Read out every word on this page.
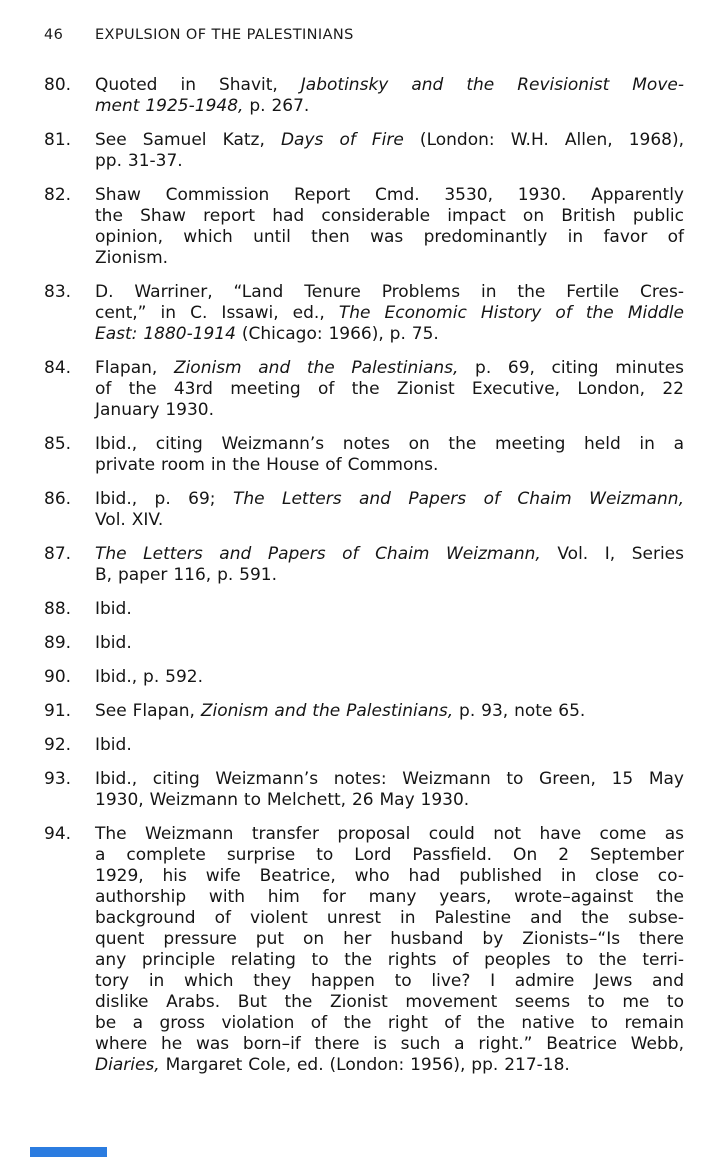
46	EXPULSION OF THE PALESTINIANS
80.	Quoted in Shavit, Jabotinsky and the Revisionist Move-
ment 1925-1948, p. 267.
81.	See Samuel Katz, Days of Fire (London: W.H. Allen, 1968),
pp. 31-37.
82.	Shaw Commission Report Cmd. 3530, 1930. Apparently
the Shaw report had considerable impact on British public
opinion, which until then was predominantly in favor of
Zionism.
83.	D. Warriner, “Land Tenure Problems in the Fertile Cres-
cent,” in C. Issawi, ed., The Economic History of the Middle
East: 1880-1914 (Chicago: 1966), p. 75.
84.	Flapan, Zionism and the Palestinians, p. 69, citing minutes
of the 43rd meeting of the Zionist Executive, London, 22
January 1930.
85.	Ibid., citing Weizmann’s notes on the meeting held in a
private room in the House of Commons.
86.	Ibid., p. 69; The Letters and Papers of Chaim Weizmann,
Vol. XIV.
87.	The Letters and Papers of Chaim Weizmann, Vol. I, Series
B, paper 116, p. 591.
88.	Ibid.
89.	Ibid.
90.	Ibid., p. 592.
91.	See Flapan, Zionism and the Palestinians, p. 93, note 65.
92.	Ibid.
93.	Ibid., citing Weizmann’s notes: Weizmann to Green, 15 May
1930, Weizmann to Melchett, 26 May 1930.
94.	The Weizmann transfer proposal could not have come as
a complete surprise to Lord Passfield. On 2 September
1929, his wife Beatrice, who had published in close co-
authorship with him for many years, wrote–against the
background of violent unrest in Palestine and the subse-
quent pressure put on her husband by Zionists–“Is there
any principle relating to the rights of peoples to the terri-
tory in which they happen to live? I admire Jews and
dislike Arabs. But the Zionist movement seems to me to
be a gross violation of the right of the native to remain
where he was born–if there is such a right.” Beatrice Webb,
Diaries, Margaret Cole, ed. (London: 1956), pp. 217-18.
